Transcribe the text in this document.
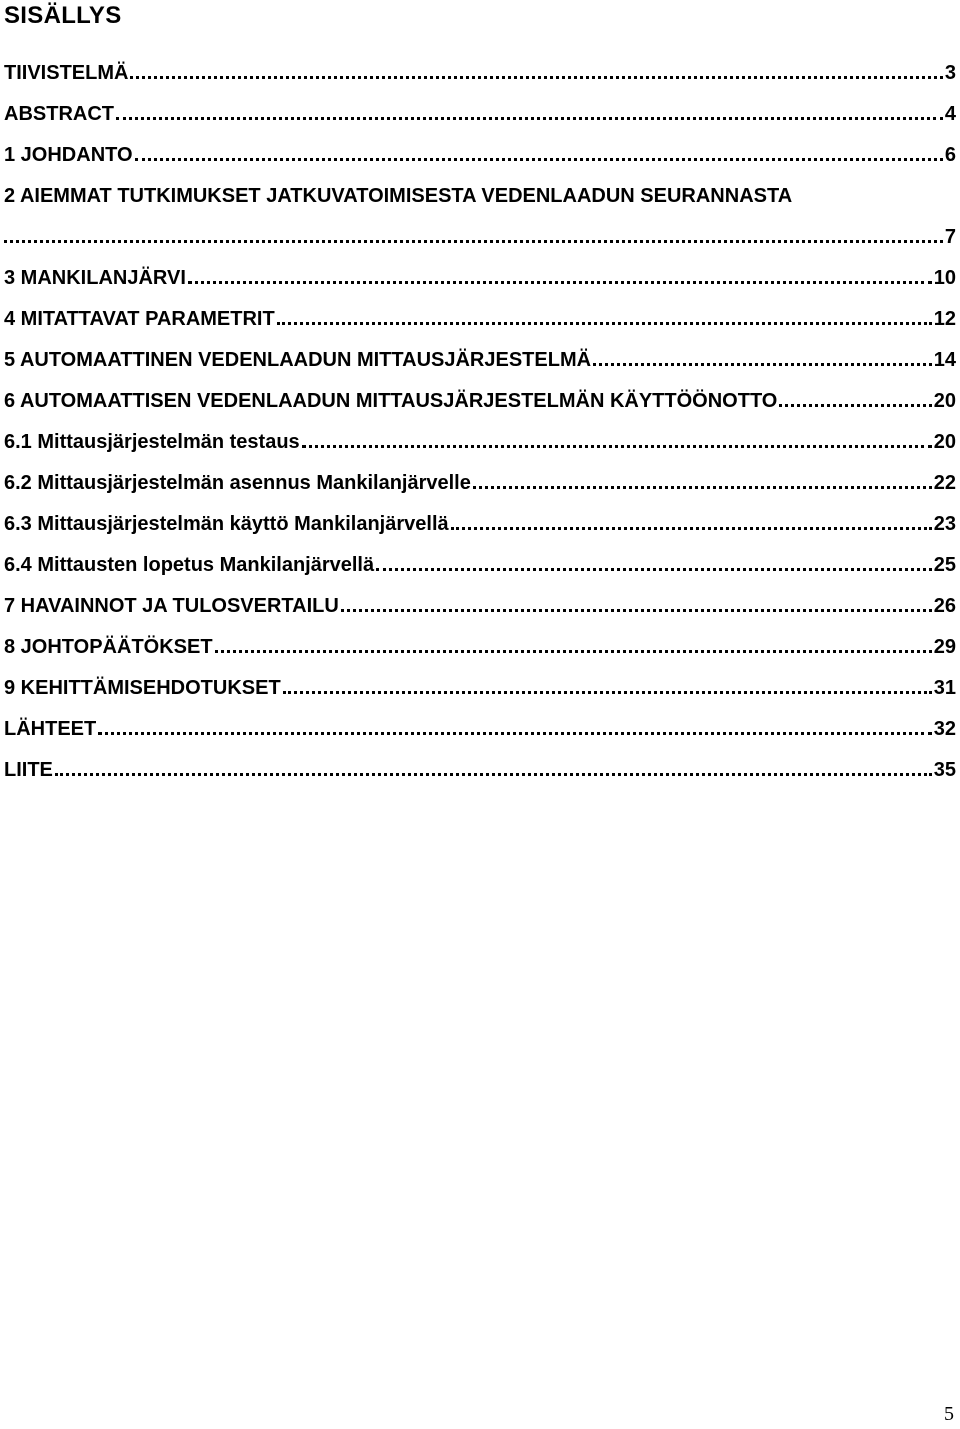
SISÄLLYS
TIIVISTELMÄ	3
ABSTRACT	4
1 JOHDANTO	6
2 AIEMMAT TUTKIMUKSET JATKUVATOIMISESTA VEDENLAADUN SEURANNASTA
7
3 MANKILANJÄRVI	10
4 MITATTAVAT PARAMETRIT	12
5 AUTOMAATTINEN VEDENLAADUN MITTAUSJÄRJESTELMÄ	14
6 AUTOMAATTISEN VEDENLAADUN MITTAUSJÄRJESTELMÄN KÄYTTÖÖNOTTO	20
6.1 Mittausjärjestelmän testaus	20
6.2 Mittausjärjestelmän asennus Mankilanjärvelle	22
6.3 Mittausjärjestelmän käyttö Mankilanjärvellä	23
6.4 Mittausten lopetus Mankilanjärvellä	25
7 HAVAINNOT JA TULOSVERTAILU	26
8 JOHTOPÄÄTÖKSET	29
9 KEHITTÄMISEHDOTUKSET	31
LÄHTEET	32
LIITE	35
5
